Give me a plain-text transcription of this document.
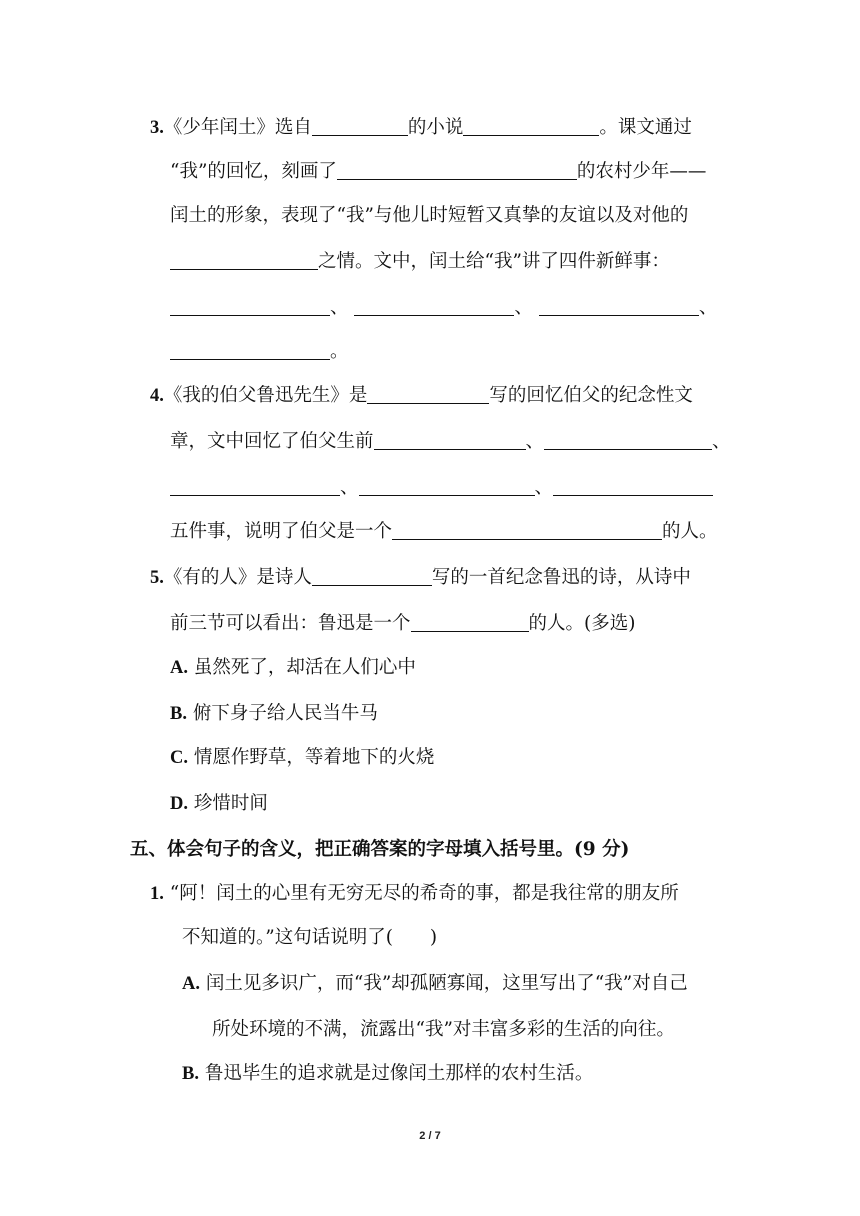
3.《少年闰土》选自	的小说	。课文通过
“我”的回忆，刻画了	的农村少年——
闰土的形象，表现了“我”与他儿时短暂又真挚的友谊以及对他的
之情。文中，闰土给“我”讲了四件新鲜事：
、	、	、
。
4.《我的伯父鲁迅先生》是	写的回忆伯父的纪念性文
章，文中回忆了伯父生前	、	、
、	、
五件事，说明了伯父是一个	的人。
5.《有的人》是诗人	写的一首纪念鲁迅的诗，从诗中
前三节可以看出：鲁迅是一个	的人。(多选)
A. 虽然死了，却活在人们心中
B. 俯下身子给人民当牛马
C. 情愿作野草，等着地下的火烧
D. 珍惜时间
五、体会句子的含义，把正确答案的字母填入括号里。(9 分)
1. “阿！闰土的心里有无穷无尽的希奇的事，都是我往常的朋友所
不知道的。”这句话说明了(　　)
A. 闰土见多识广，而“我”却孤陋寡闻，这里写出了“我”对自己
所处环境的不满，流露出“我”对丰富多彩的生活的向往。
B. 鲁迅毕生的追求就是过像闰土那样的农村生活。
2 / 7
